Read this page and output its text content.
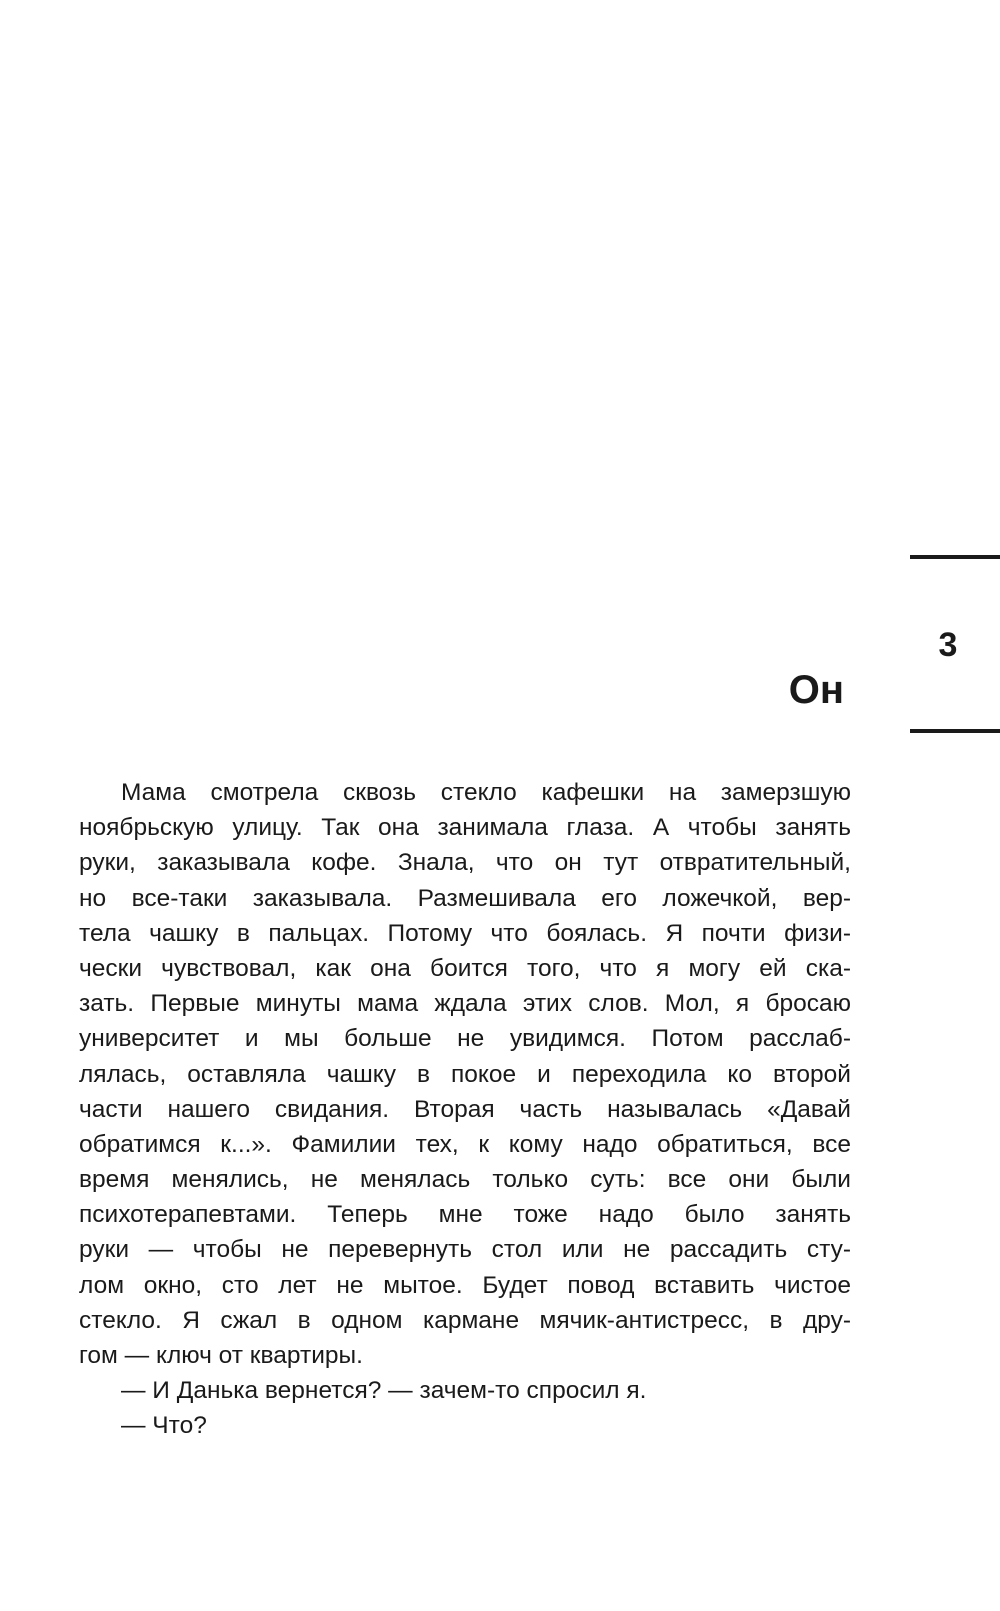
3
Он
Мама смотрела сквозь стекло кафешки на замерзшую
ноябрьскую улицу. Так она занимала глаза. А чтобы занять
руки, заказывала кофе. Знала, что он тут отвратительный,
но все-таки заказывала. Размешивала его ложечкой, вер-
тела чашку в пальцах. Потому что боялась. Я почти физи-
чески чувствовал, как она боится того, что я могу ей ска-
зать. Первые минуты мама ждала этих слов. Мол, я бросаю
университет и мы больше не увидимся. Потом расслаб-
лялась, оставляла чашку в покое и переходила ко второй
части нашего свидания. Вторая часть называлась «Давай
обратимся к...». Фамилии тех, к кому надо обратиться, все
время менялись, не менялась только суть: все они были
психотерапевтами. Теперь мне тоже надо было занять
руки — чтобы не перевернуть стол или не рассадить сту-
лом окно, сто лет не мытое. Будет повод вставить чистое
стекло. Я сжал в одном кармане мячик-антистресс, в дру-
гом — ключ от квартиры.
— И Данька вернется? — зачем-то спросил я.
— Что?
